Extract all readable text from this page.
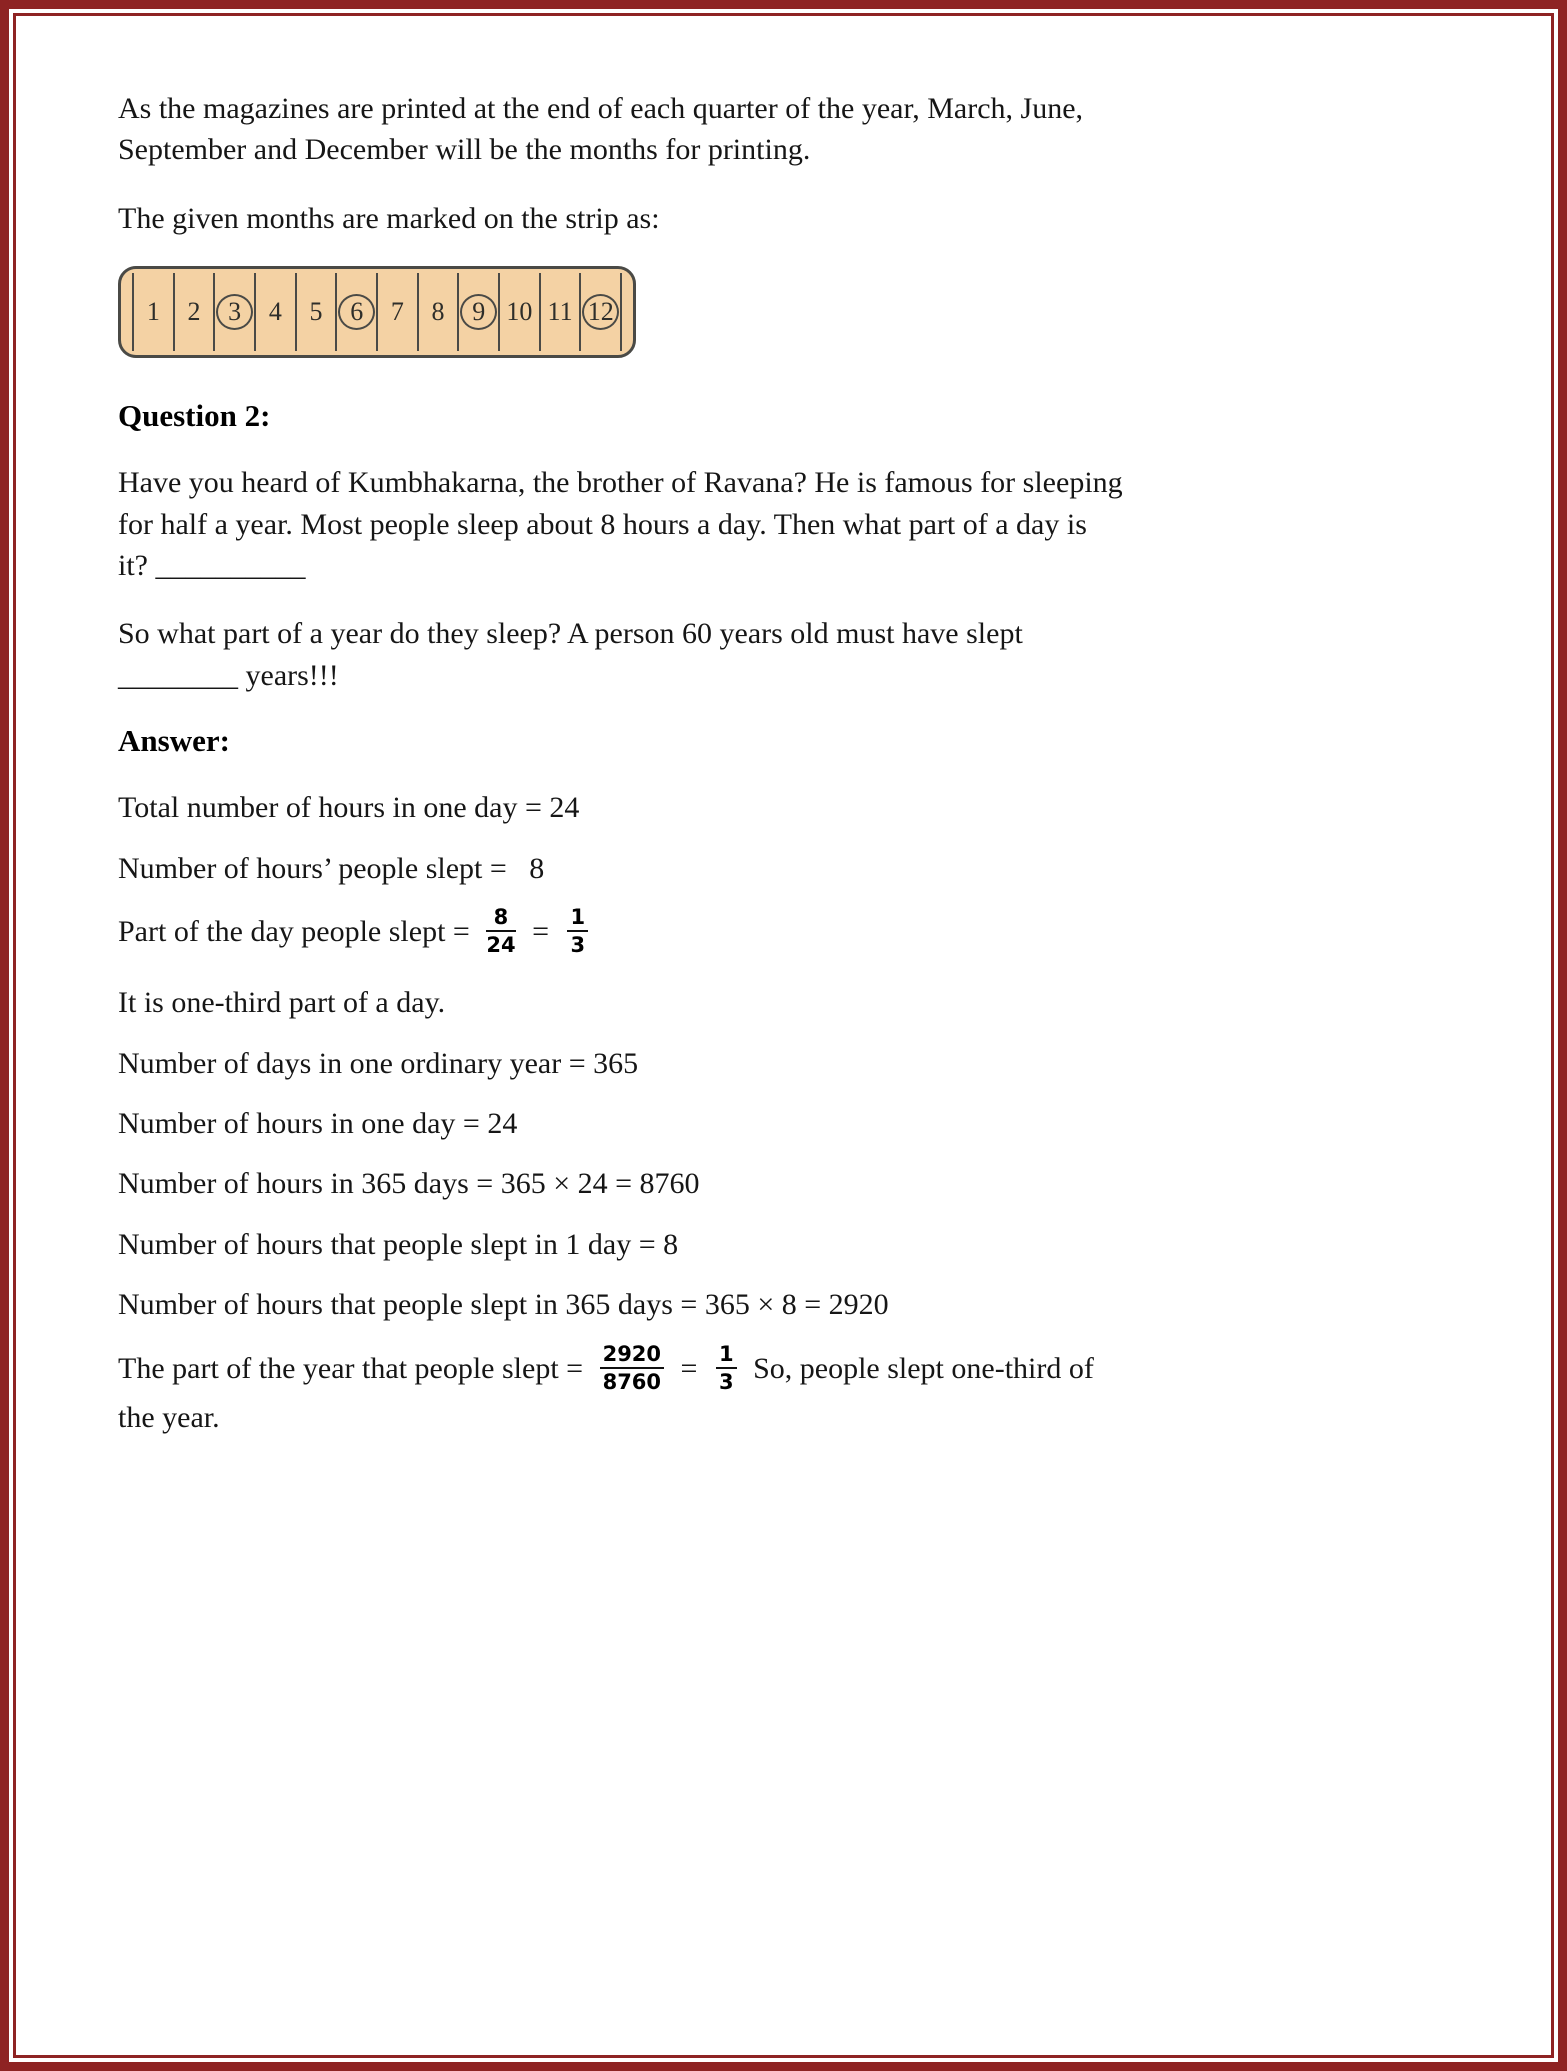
As the magazines are printed at the end of each quarter of the year, March, June, September and December will be the months for printing.

The given months are marked on the strip as:

1 2	3	4 5	6	7 8	9 10 11 12
Question 2:

Have you heard of Kumbhakarna, the brother of Ravana? He is famous for sleeping for half a year. Most people sleep about 8 hours a day. Then what part of a day is it? __________

So what part of a year do they sleep? A person 60 years old must have slept ________ years!!!

Answer:

Total number of hours in one day = 24

Number of hours’ people slept =   8

Part of the day people slept = $\frac{8}{24} = \frac{1}{3}$

It is one-third part of a day.

Number of days in one ordinary year = 365

Number of hours in one day = 24

Number of hours in 365 days = 365 × 24 = 8760

Number of hours that people slept in 1 day = 8

Number of hours that people slept in 365 days = 365 × 8 = 2920

The part of the year that people slept = $\frac{2920}{8760} = \frac{1}{3} So$, people slept one-third of the year.
